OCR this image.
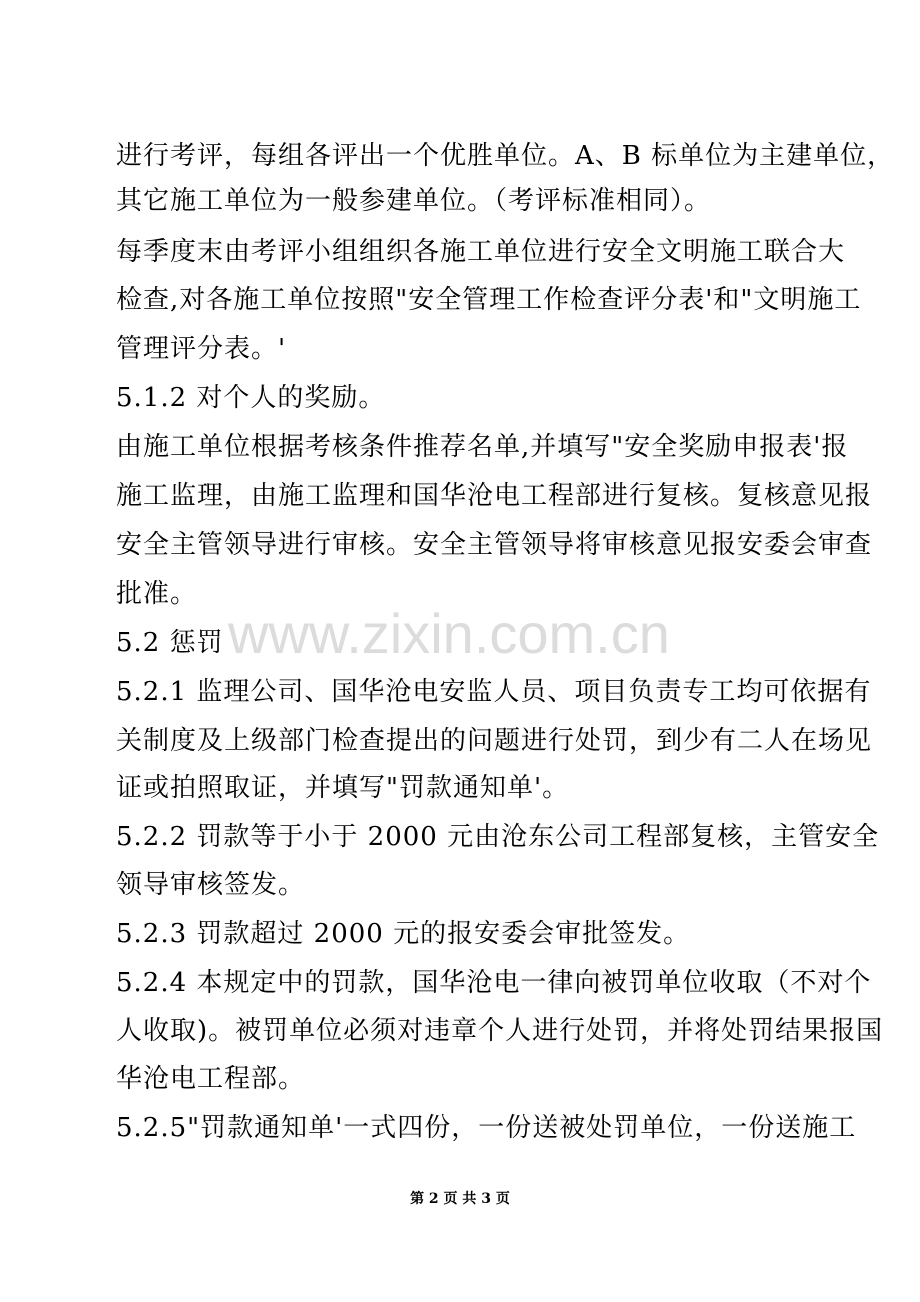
进行考评，每组各评出一个优胜单位。A、B 标单位为主建单位，
其它施工单位为一般参建单位。（考评标准相同）。
每季度末由考评小组组织各施工单位进行安全文明施工联合大
检查,对各施工单位按照"安全管理工作检查评分表'和"文明施工
管理评分表。'
5.1.2 对个人的奖励。
由施工单位根据考核条件推荐名单,并填写"安全奖励申报表'报
施工监理，由施工监理和国华沧电工程部进行复核。复核意见报
安全主管领导进行审核。安全主管领导将审核意见报安委会审查
批准。
5.2 惩罚
5.2.1 监理公司、国华沧电安监人员、项目负责专工均可依据有
关制度及上级部门检查提出的问题进行处罚，到少有二人在场见
证或拍照取证，并填写"罚款通知单'。
5.2.2 罚款等于小于 2000 元由沧东公司工程部复核，主管安全
领导审核签发。
5.2.3 罚款超过 2000 元的报安委会审批签发。
5.2.4 本规定中的罚款，国华沧电一律向被罚单位收取（不对个
人收取)。被罚单位必须对违章个人进行处罚，并将处罚结果报国
华沧电工程部。
5.2.5"罚款通知单'一式四份，一份送被处罚单位，一份送施工
www.zixin.com.cn
第 2 页 共 3 页
